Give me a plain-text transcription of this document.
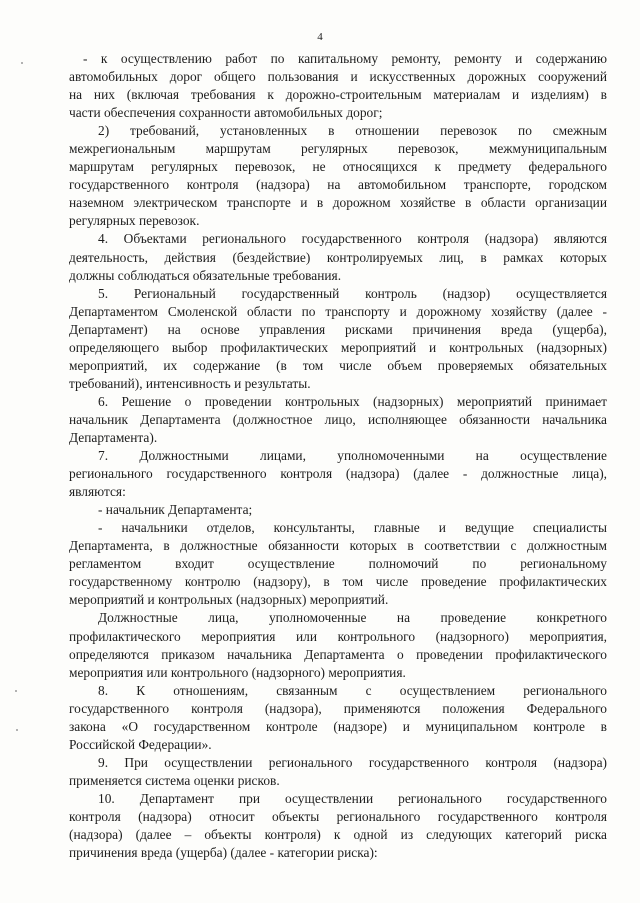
4

- к осуществлению работ по капитальному ремонту, ремонту и содержанию
автомобильных дорог общего пользования и искусственных дорожных сооружений
на них (включая требования к дорожно-строительным материалам и изделиям) в
части обеспечения сохранности автомобильных дорог;

2) требований, установленных в отношении перевозок по смежным
межрегиональным маршрутам регулярных перевозок, межмуниципальным
маршрутам регулярных перевозок, не относящихся к предмету федерального
государственного контроля (надзора) на автомобильном транспорте, городском
наземном электрическом транспорте и в дорожном хозяйстве в области организации
регулярных перевозок.

4. Объектами регионального государственного контроля (надзора) являются
деятельность, действия (бездействие) контролируемых лиц, в рамках которых
должны соблюдаться обязательные требования.

5. Региональный государственный контроль (надзор) осуществляется
Департаментом Смоленской области по транспорту и дорожному хозяйству (далее -
Департамент) на основе управления рисками причинения вреда (ущерба),
определяющего выбор профилактических мероприятий и контрольных (надзорных)
мероприятий, их содержание (в том числе объем проверяемых обязательных
требований), интенсивность и результаты.

6. Решение о проведении контрольных (надзорных) мероприятий принимает
начальник Департамента (должностное лицо, исполняющее обязанности начальника
Департамента).

7. Должностными лицами, уполномоченными на осуществление
регионального государственного контроля (надзора) (далее - должностные лица),
являются:

- начальник Департамента;

- начальники отделов, консультанты, главные и ведущие специалисты
Департамента, в должностные обязанности которых в соответствии с должностным
регламентом входит осуществление полномочий по региональному
государственному контролю (надзору), в том числе проведение профилактических
мероприятий и контрольных (надзорных) мероприятий.

Должностные лица, уполномоченные на проведение конкретного
профилактического мероприятия или контрольного (надзорного) мероприятия,
определяются приказом начальника Департамента о проведении профилактического
мероприятия или контрольного (надзорного) мероприятия.

8. К отношениям, связанным с осуществлением регионального
государственного контроля (надзора), применяются положения Федерального
закона «О государственном контроле (надзоре) и муниципальном контроле в
Российской Федерации».

9. При осуществлении регионального государственного контроля (надзора)
применяется система оценки рисков.

10. Департамент при осуществлении регионального государственного
контроля (надзора) относит объекты регионального государственного контроля
(надзора) (далее – объекты контроля) к одной из следующих категорий риска
причинения вреда (ущерба) (далее - категории риска):
